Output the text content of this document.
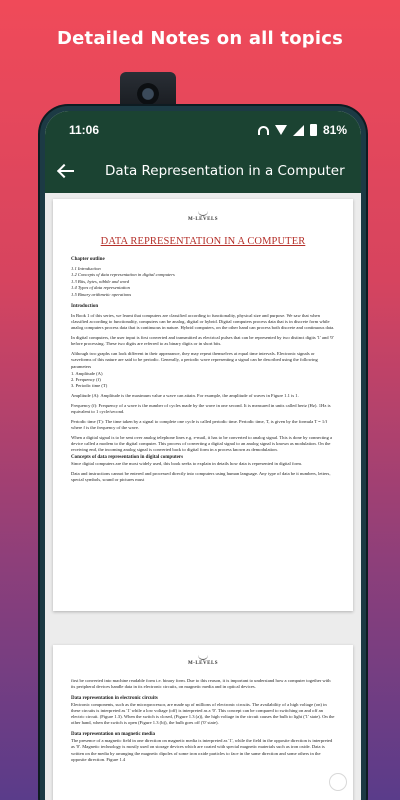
Detailed Notes on all topics
11:06	81%
Data Representation in a Computer
M-LEVELS
DATA REPRESENTATION IN A COMPUTER
Chapter outline
1.1 Introduction
1.2 Concepts of data representation in digital computers
1.3 Bits, bytes, nibble and word
1.4 Types of data representation
1.5 Binary arithmetic operations
Introduction
In Book 1 of this series, we learnt that computers are classified according to functionality, physical size and purpose. We saw that when classified according to functionality, computers can be analog, digital or hybrid. Digital computers process data that is in discrete form while analog computers process data that is continuous in nature. Hybrid computers, on the other hand can process both discrete and continuous data.
In digital computers, the user input is first converted and transmitted as electrical pulses that can be represented by two distinct digits '1' and '0' before processing. These two digits are referred to as binary digits or in short bits.
Although two graphs can look different in their appearance, they may repeat themselves at equal time intervals. Electronic signals or waveforms of this nature are said to be periodic. Generally, a periodic wave representing a signal can be described using the following parameters
1. Amplitude (A)
2. Frequency (f)
3. Periodic time (T)
Amplitude (A): Amplitude is the maximum value a wave can attain. For example, the amplitude of waves in Figure 1.1 is 1.
Frequency (f): Frequency of a wave is the number of cycles made by the wave in one second. It is measured in units called hertz (Hz). 1Hz is equivalent to 1 cycle/second.
Periodic time (T): The time taken by a signal to complete one cycle is called periodic time. Periodic time, T, is given by the formula T = 1/f where f is the frequency of the wave.
When a digital signal is to be sent over analog telephone lines e.g. e-mail, it has to be converted to analog signal. This is done by connecting a device called a modem to the digital computer. This process of converting a digital signal to an analog signal is known as modulation. On the receiving end, the incoming analog signal is converted back to digital form in a process known as demodulation.
Concepts of data representation in digital computers
Since digital computers are the most widely used, this book seeks to explain in details how data is represented in digital form.
Data and instructions cannot be entered and processed directly into computers using human language. Any type of data be it numbers, letters, special symbols, sound or pictures must
M-LEVELS
first be converted into machine readable form i.e. binary form. Due to this reason, it is important to understand how a computer together with its peripheral devices handle data in its electronic circuits, on magnetic media and in optical devices.
Data representation in electronic circuits
Electronic components, such as the microprocessor, are made up of millions of electronic circuits. The availability of a high voltage (on) in these circuits is interpreted as '1' while a low voltage (off) is interpreted as a '0'. This concept can be compared to switching on and off an electric circuit. (Figure 1.3). When the switch is closed, (Figure 1.3 (a)), the high voltage in the circuit causes the bulb to light ('1' state). On the other hand, when the switch is open (Figure 1.3 (b)), the bulb goes off ('0' state).
Data representation on magnetic media
The presence of a magnetic field in one direction on magnetic media is interpreted as '1', while the field in the opposite direction is interpreted as '0'. Magnetic technology is mostly used on storage devices which are coated with special magnetic materials such as iron oxide. Data is written on the media by arranging the magnetic dipoles of some iron oxide particles to face in the same direction and some others in the opposite direction. Figure 1.4
